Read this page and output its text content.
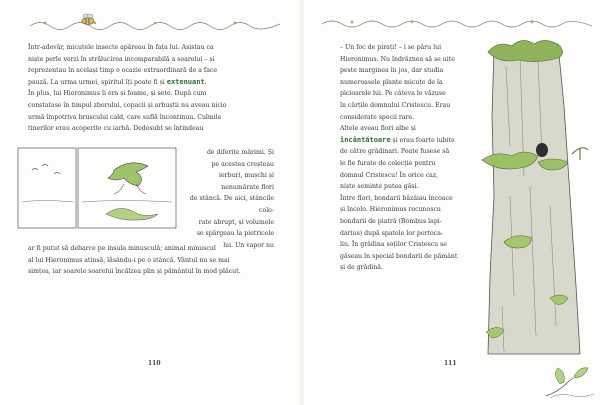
Într-adevăr, micuțele insecte apăreau în fața lui. Asistau ca

niște perle verzi în strălucirea incomparabilă a soarelui – și

reprezentau în același timp o ocazie extraordinară de a face

pauză. La urma urmei, spiritul îți poate fi și extenuant.

În plus, lui Hieronimus îi era și foame, și sete. După cum

constatase în timpul zborului, copacii și arbuștii nu aveau nicio

urmă împotriva bruscului cald, care suflă încontinuu. Culmile

tinerilor erau acoperite cu iarbă. Dedesubt se întindeau

de diferite mărimi. Și

pe acestea creșteau

ierburi, mușchi și

nenumărate flori

de stâncă. De aici, stâncile colo-

rate abrupt, și volumele

se spărgeau la pietricele

lui. Un vapor nu

ar fi putut să debarce pe insula minusculă; animal minuscul

al lui Hieronimus atinsă, lăsându-i pe o stâncă. Vântul nu se mai

simțea, iar soarele soarelui încălzea plin și pământul în mod plăcut.

110

– Un foc de pirați! – i se păru lui

Hieronimus. Nu îndrăznea să se uite

peste marginea în jos, dar studia

numeroasele plante micuțe de la

picioarele lui. Pe câteva le văzuse

în cărțile domnului Cristescu. Erau

considerate specii rare.

Altele aveau flori albe și

încântătoare și erau foarte iubite

de către grădinari. Poate fusese să

le fie furate de colecție pentru

domnul Cristescu! În orice caz,

niște semințe putea găsi.

Între flori, bondarii bâzâiau încoace

și încolo. Hieronimus recunoscu

bondarii de piatră (Bombus lapi-

darius) după spatele lor portoca-

liu. În grădina soților Cristescu se

găseau în special bondarii de pământ

și de grădină.

111
